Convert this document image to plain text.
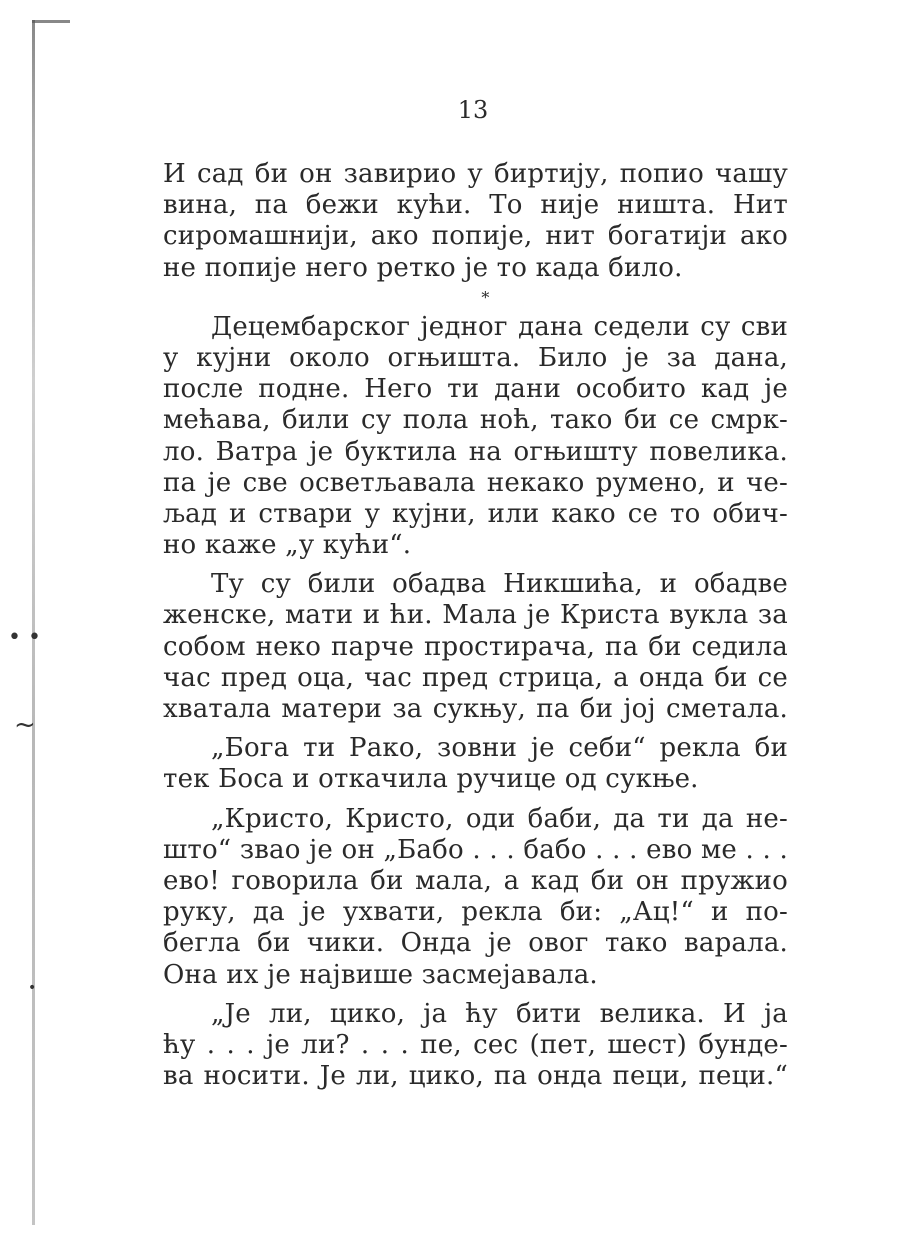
• •
~
•
13
И сад би он завирио у биртију, попио чашу
вина, па бежи кући. То није ништа. Нит
сиромашнији, ако попије, нит богатији ако
не попије него ретко је то када било.
*
Децембарског једног дана седели су сви
у кујни около огњишта. Било је за дана,
после подне. Него ти дани особито кад је
мећава, били су пола ноћ, тако би се смрк-
ло. Ватра је буктила на огњишту повелика.
па је све осветљавала некако румено, и че-
љад и ствари у кујни, или како се то обич-
но каже „у кући“.
Ту су били обадва Никшића, и обадве
женске, мати и ћи. Мала је Криста вукла за
собом неко парче простирача, па би седила
час пред оца, час пред стрица, а онда би се
хватала матери за сукњу, па би јој сметала.
„Бога ти Рако, зовни је себи“ рекла би
тек Боса и откачила ручице од сукње.
„Кристо, Кристо, оди баби, да ти да не-
што“ звао је он „Бабо . . . бабо . . . ево ме . . .
ево! говорила би мала, а кад би он пружио
руку, да је ухвати, рекла би: „Ац!“ и по-
бегла би чики. Онда је овог тако варала.
Она их је највише засмејавала.
„Је ли, цико, ја ћу бити велика. И ја
ћу . . . је ли? . . . пе, сес (пет, шест) бунде-
ва носити. Је ли, цико, па онда пеци, пеци.“
